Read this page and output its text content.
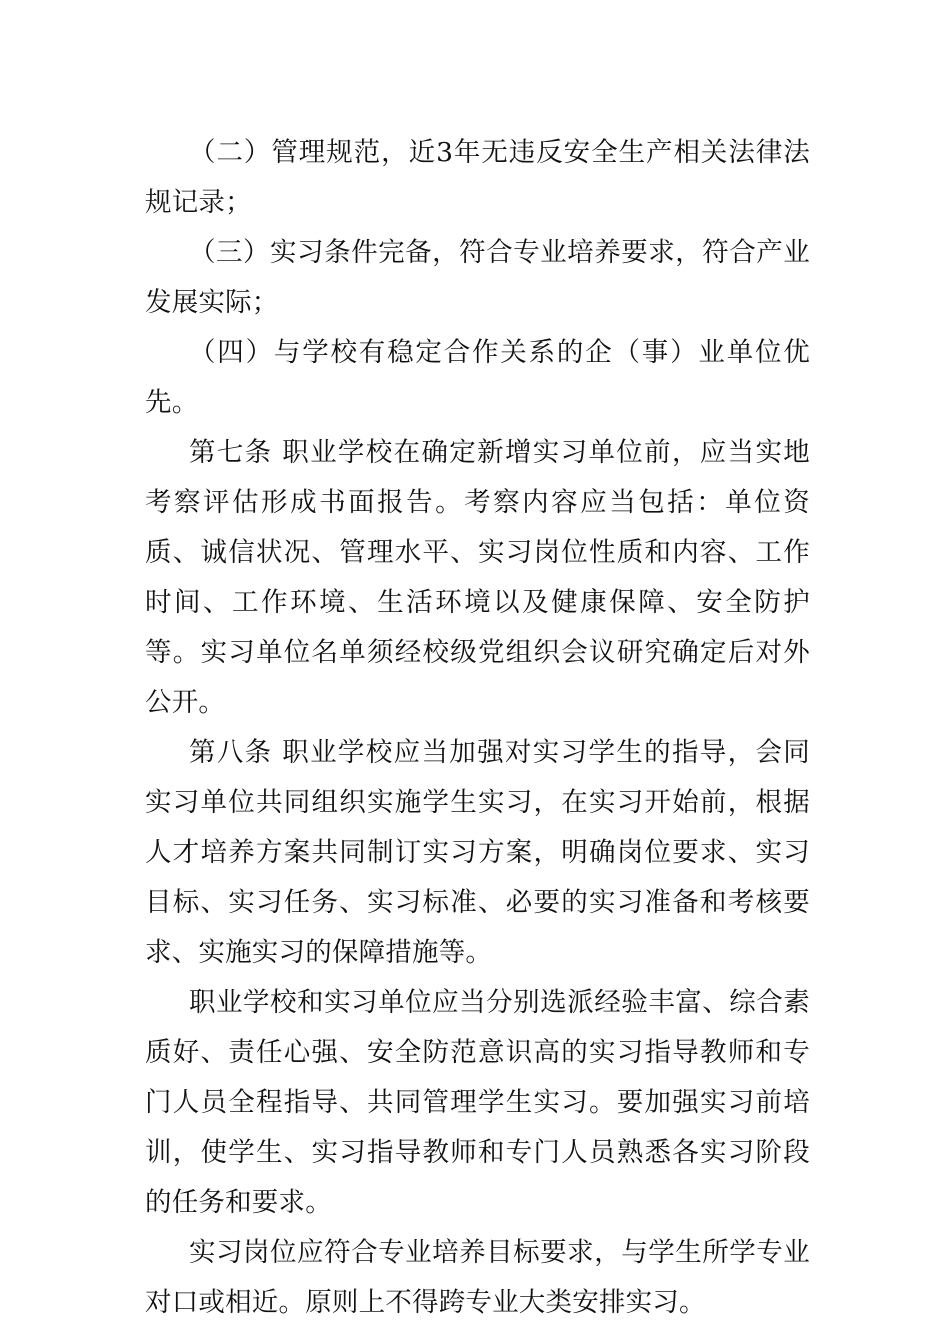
（二）管理规范，近3年无违反安全生产相关法律法规记录；

（三）实习条件完备，符合专业培养要求，符合产业发展实际；

（四）与学校有稳定合作关系的企（事）业单位优先。

第七条 职业学校在确定新增实习单位前，应当实地考察评估形成书面报告。考察内容应当包括：单位资质、诚信状况、管理水平、实习岗位性质和内容、工作时间、工作环境、生活环境以及健康保障、安全防护等。实习单位名单须经校级党组织会议研究确定后对外公开。

第八条 职业学校应当加强对实习学生的指导，会同实习单位共同组织实施学生实习，在实习开始前，根据人才培养方案共同制订实习方案，明确岗位要求、实习目标、实习任务、实习标准、必要的实习准备和考核要求、实施实习的保障措施等。

职业学校和实习单位应当分别选派经验丰富、综合素质好、责任心强、安全防范意识高的实习指导教师和专门人员全程指导、共同管理学生实习。要加强实习前培训，使学生、实习指导教师和专门人员熟悉各实习阶段的任务和要求。

实习岗位应符合专业培养目标要求，与学生所学专业对口或相近。原则上不得跨专业大类安排实习。
